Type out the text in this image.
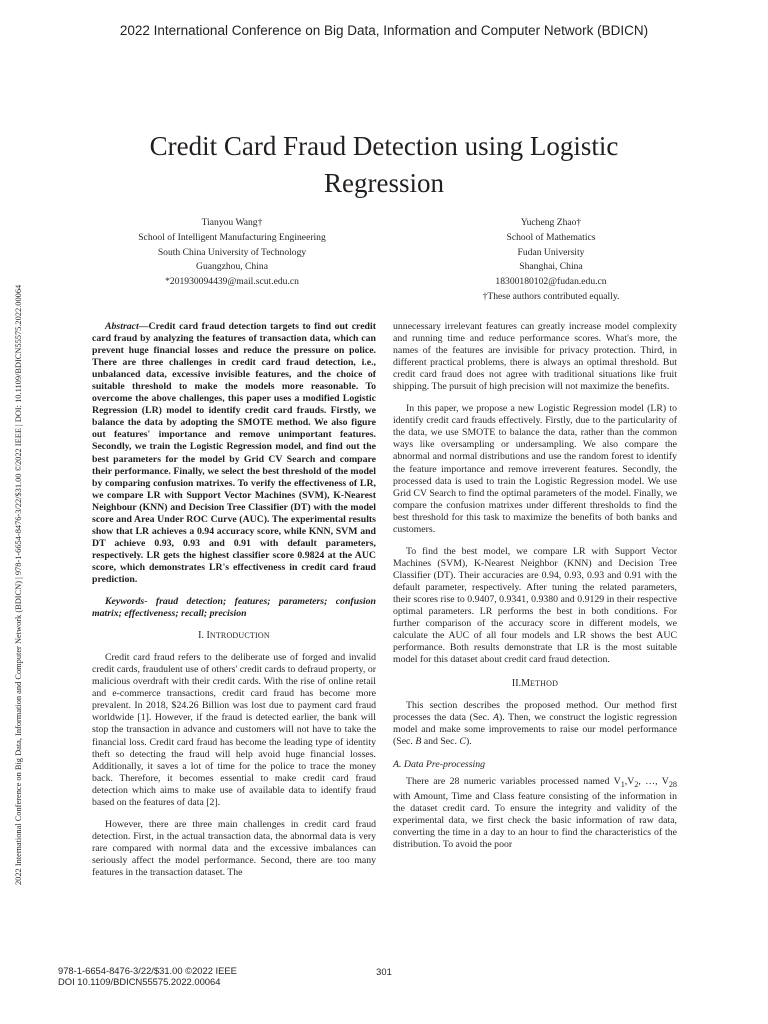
2022 International Conference on Big Data, Information and Computer Network (BDICN)
2022 International Conference on Big Data, Information and Computer Network (BDICN) | 978-1-6654-8476-3/22/$31.00 ©2022 IEEE | DOI: 10.1109/BDICN55575.2022.00064
Credit Card Fraud Detection using Logistic
Regression
Tianyou Wang†
School of Intelligent Manufacturing Engineering
South China University of Technology
Guangzhou, China
*201930094439@mail.scut.edu.cn
Yucheng Zhao†
School of Mathematics
Fudan University
Shanghai, China
18300180102@fudan.edu.cn
†These authors contributed equally.

Abstract—Credit card fraud detection targets to find out credit card fraud by analyzing the features of transaction data, which can prevent huge financial losses and reduce the pressure on police. There are three challenges in credit card fraud detection, i.e., unbalanced data, excessive invisible features, and the choice of suitable threshold to make the models more reasonable. To overcome the above challenges, this paper uses a modified Logistic Regression (LR) model to identify credit card frauds. Firstly, we balance the data by adopting the SMOTE method. We also figure out features' importance and remove unimportant features. Secondly, we train the Logistic Regression model, and find out the best parameters for the model by Grid CV Search and compare their performance. Finally, we select the best threshold of the model by comparing confusion matrixes. To verify the effectiveness of LR, we compare LR with Support Vector Machines (SVM), K-Nearest Neighbour (KNN) and Decision Tree Classifier (DT) with the model score and Area Under ROC Curve (AUC). The experimental results show that LR achieves a 0.94 accuracy score, while KNN, SVM and DT achieve 0.93, 0.93 and 0.91 with default parameters, respectively. LR gets the highest classifier score 0.9824 at the AUC score, which demonstrates LR's effectiveness in credit card fraud prediction.

Keywords- fraud detection; features; parameters; confusion matrix; effectiveness; recall; precision

I. INTRODUCTION

Credit card fraud refers to the deliberate use of forged and invalid credit cards, fraudulent use of others' credit cards to defraud property, or malicious overdraft with their credit cards. With the rise of online retail and e-commerce transactions, credit card fraud has become more prevalent. In 2018, $24.26 Billion was lost due to payment card fraud worldwide [1]. However, if the fraud is detected earlier, the bank will stop the transaction in advance and customers will not have to take the financial loss. Credit card fraud has become the leading type of identity theft so detecting the fraud will help avoid huge financial losses. Additionally, it saves a lot of time for the police to trace the money back. Therefore, it becomes essential to make credit card fraud detection which aims to make use of available data to identify fraud based on the features of data [2].

However, there are three main challenges in credit card fraud detection. First, in the actual transaction data, the abnormal data is very rare compared with normal data and the excessive imbalances can seriously affect the model performance. Second, there are too many features in the transaction dataset. The

unnecessary irrelevant features can greatly increase model complexity and running time and reduce performance scores. What's more, the names of the features are invisible for privacy protection. Third, in different practical problems, there is always an optimal threshold. But credit card fraud does not agree with traditional situations like fruit shipping. The pursuit of high precision will not maximize the benefits.

In this paper, we propose a new Logistic Regression model (LR) to identify credit card frauds effectively. Firstly, due to the particularity of the data, we use SMOTE to balance the data, rather than the common ways like oversampling or undersampling. We also compare the abnormal and normal distributions and use the random forest to identify the feature importance and remove irreverent features. Secondly, the processed data is used to train the Logistic Regression model. We use Grid CV Search to find the optimal parameters of the model. Finally, we compare the confusion matrixes under different thresholds to find the best threshold for this task to maximize the benefits of both banks and customers.

To find the best model, we compare LR with Support Vector Machines (SVM), K-Nearest Neighbor (KNN) and Decision Tree Classifier (DT). Their accuracies are 0.94, 0.93, 0.93 and 0.91 with the default parameter, respectively. After tuning the related parameters, their scores rise to 0.9407, 0.9341, 0.9380 and 0.9129 in their respective optimal parameters. LR performs the best in both conditions. For further comparison of the accuracy score in different models, we calculate the AUC of all four models and LR shows the best AUC performance. Both results demonstrate that LR is the most suitable model for this dataset about credit card fraud detection.

II.METHOD

This section describes the proposed method. Our method first processes the data (Sec. A). Then, we construct the logistic regression model and make some improvements to raise our model performance (Sec. B and Sec. C).

A. Data Pre-processing

There are 28 numeric variables processed named $V_1,V_2$, …, $V_{28}$ with Amount, Time and Class feature consisting of the information in the dataset credit card. To ensure the integrity and validity of the experimental data, we first check the basic information of raw data, converting the time in a day to an hour to find the characteristics of the distribution. To avoid the poor

978-1-6654-8476-3/22/$31.00 ©2022 IEEE
DOI 10.1109/BDICN55575.2022.00064
301
